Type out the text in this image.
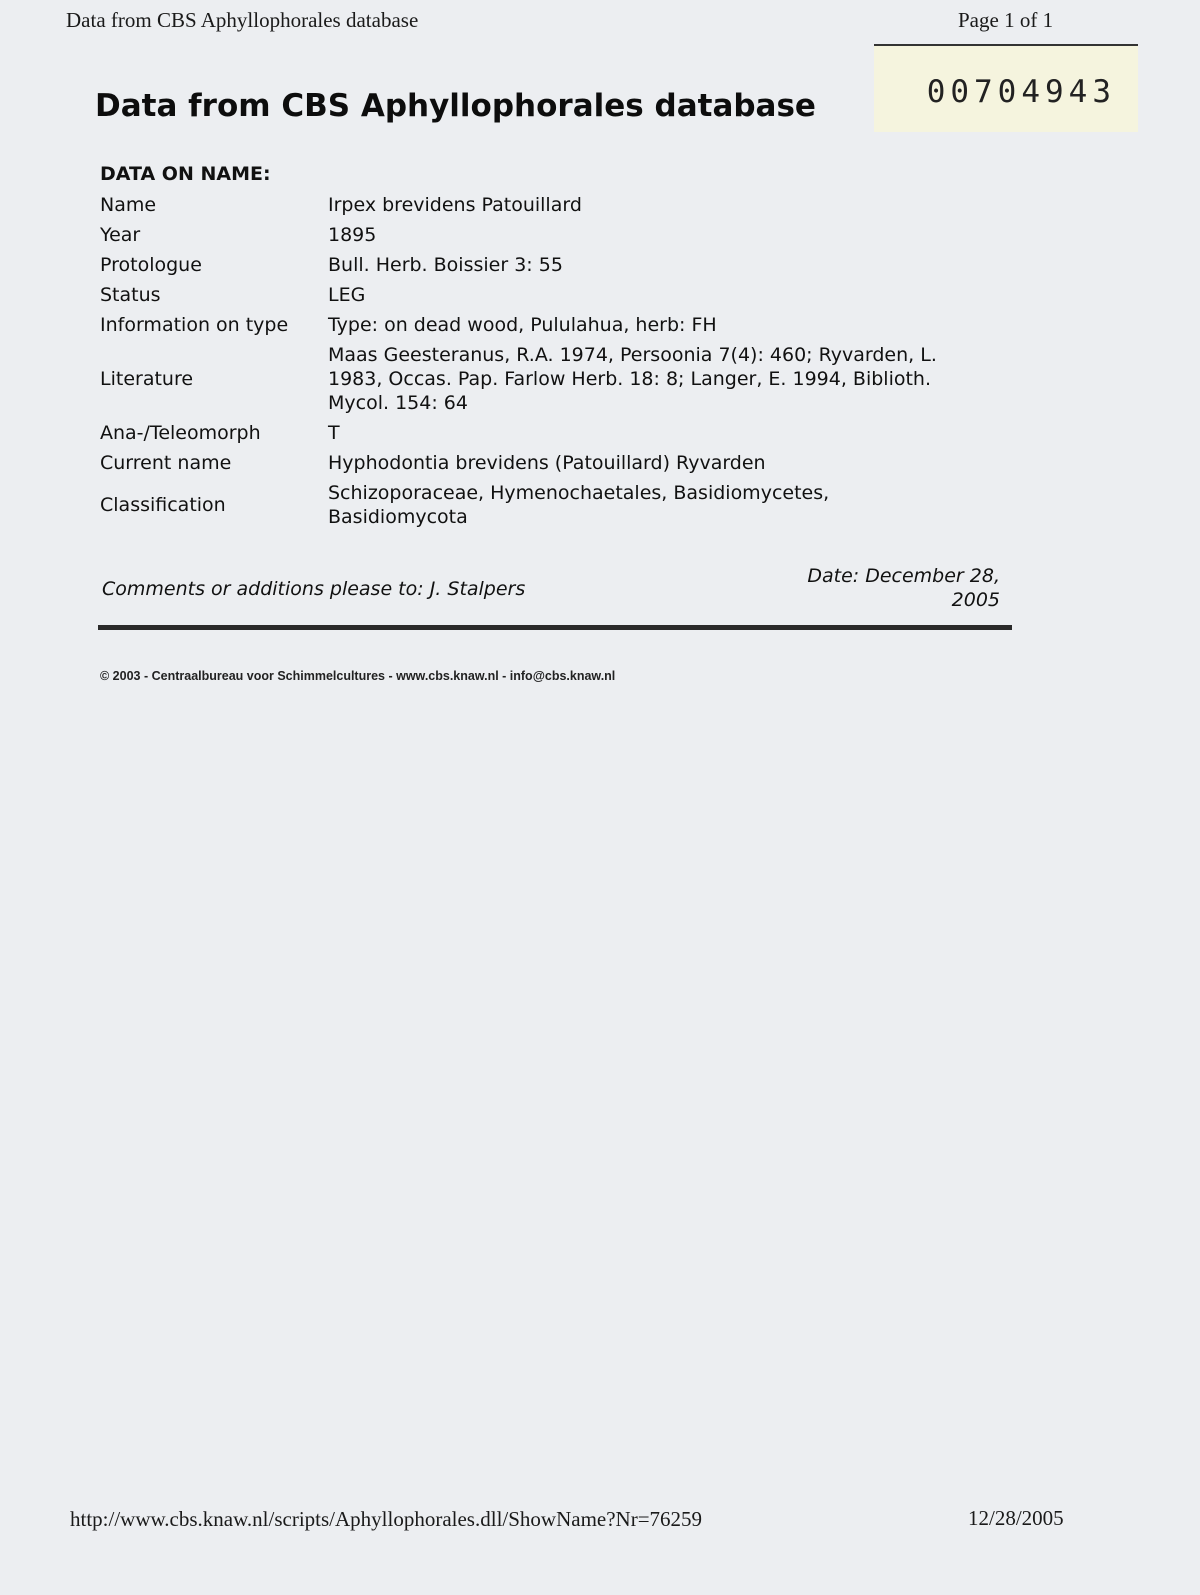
Data from CBS Aphyllophorales database	Page 1 of 1
00704943
Data from CBS Aphyllophorales database
DATA ON NAME:
Name	Irpex brevidens Patouillard
Year	1895
Protologue	Bull. Herb. Boissier 3: 55
Status	LEG
Information on type	Type: on dead wood, Pululahua, herb: FH
Literature	Maas Geesteranus, R.A. 1974, Persoonia 7(4): 460; Ryvarden, L.
1983, Occas. Pap. Farlow Herb. 18: 8; Langer, E. 1994, Biblioth.
Mycol. 154: 64

Ana-/Teleomorph	T
Current name	Hyphodontia brevidens (Patouillard) Ryvarden
Classification	Schizoporaceae, Hymenochaetales, Basidiomycetes,
Basidiomycota
Comments or additions please to: J. Stalpers
Date: December 28,
2005
© 2003 - Centraalbureau voor Schimmelcultures - www.cbs.knaw.nl - info@cbs.knaw.nl
http://www.cbs.knaw.nl/scripts/Aphyllophorales.dll/ShowName?Nr=76259	12/28/2005
